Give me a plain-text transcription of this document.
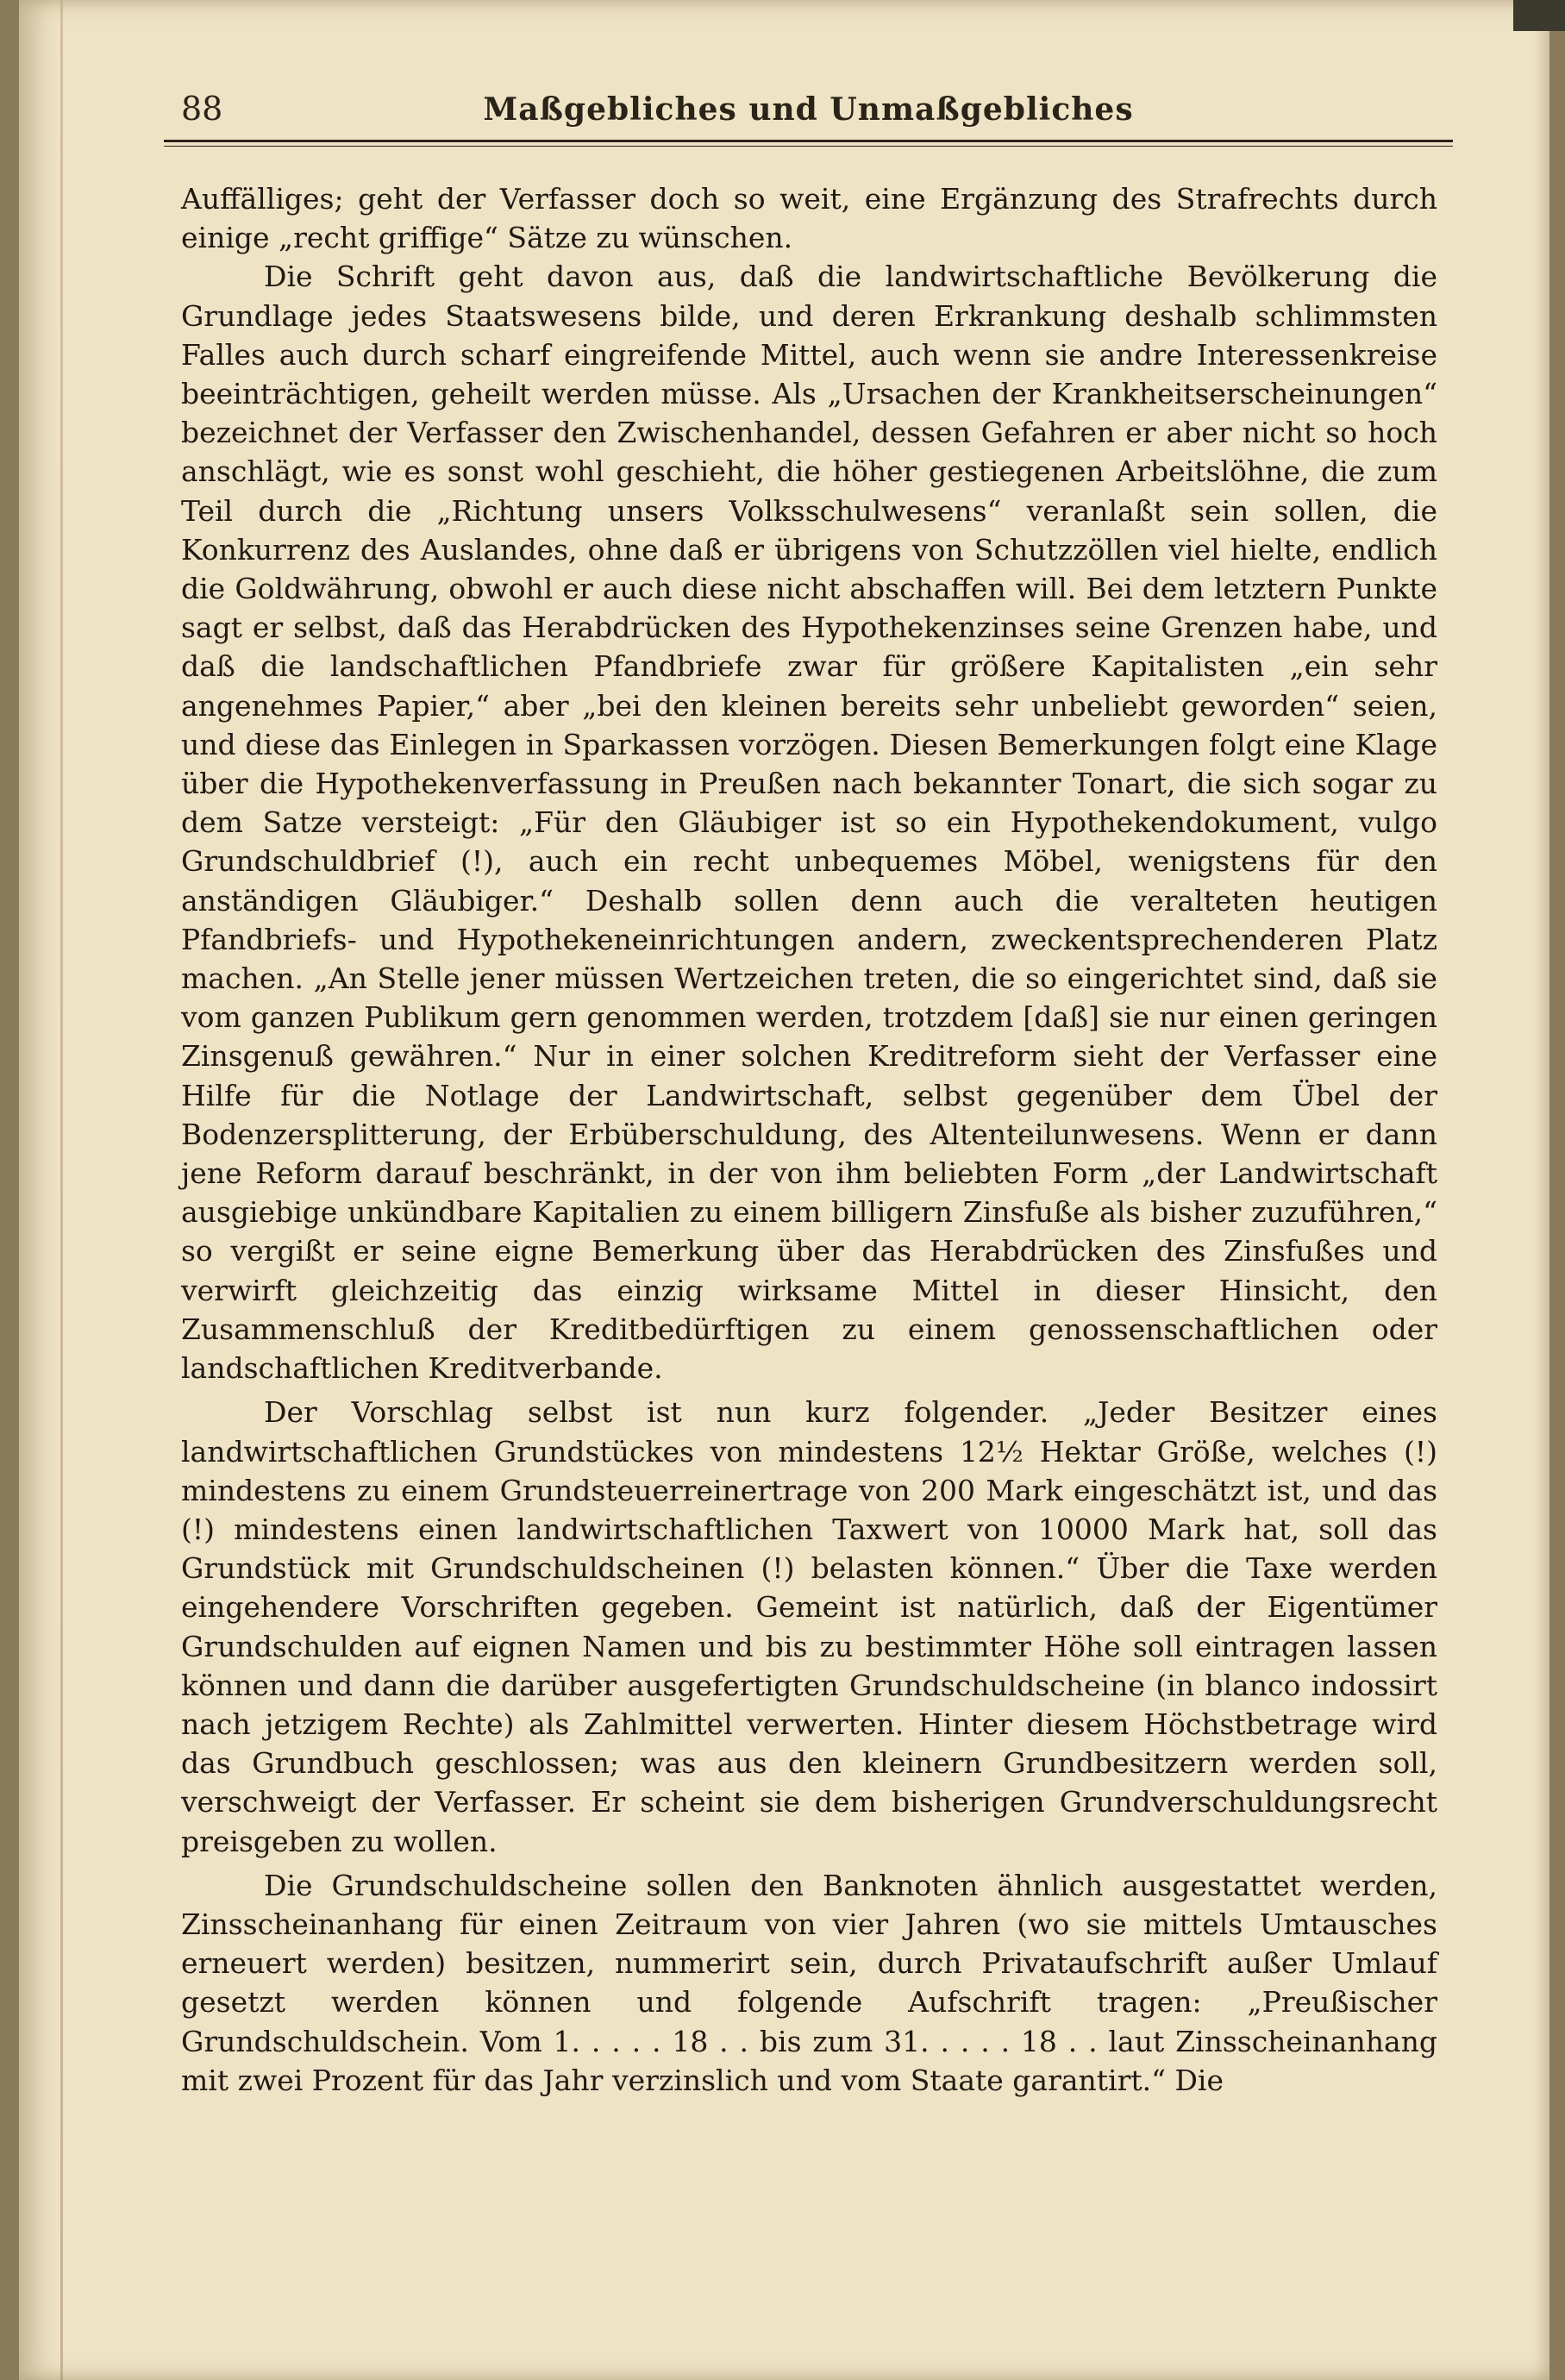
88	Maßgebliches und Unmaßgebliches

Auffälliges; geht der Verfasser doch so weit, eine Ergänzung des Strafrechts durch einige „recht griffige“ Sätze zu wünschen.

Die Schrift geht davon aus, daß die landwirtschaftliche Bevölkerung die Grundlage jedes Staatswesens bilde, und deren Erkrankung deshalb schlimmsten Falles auch durch scharf eingreifende Mittel, auch wenn sie andre Interessenkreise beeinträchtigen, geheilt werden müsse. Als „Ursachen der Krankheitserscheinungen“ bezeichnet der Verfasser den Zwischenhandel, dessen Gefahren er aber nicht so hoch anschlägt, wie es sonst wohl geschieht, die höher gestiegenen Arbeitslöhne, die zum Teil durch die „Richtung unsers Volksschulwesens“ veranlaßt sein sollen, die Konkurrenz des Auslandes, ohne daß er übrigens von Schutzzöllen viel hielte, endlich die Goldwährung, obwohl er auch diese nicht abschaffen will. Bei dem letztern Punkte sagt er selbst, daß das Herabdrücken des Hypothekenzinses seine Grenzen habe, und daß die landschaftlichen Pfandbriefe zwar für größere Kapitalisten „ein sehr angenehmes Papier,“ aber „bei den kleinen bereits sehr unbeliebt geworden“ seien, und diese das Einlegen in Sparkassen vorzögen. Diesen Bemerkungen folgt eine Klage über die Hypothekenverfassung in Preußen nach bekannter Tonart, die sich sogar zu dem Satze versteigt: „Für den Gläubiger ist so ein Hypothekendokument, vulgo Grundschuldbrief (!), auch ein recht unbequemes Möbel, wenigstens für den anständigen Gläubiger.“ Deshalb sollen denn auch die veralteten heutigen Pfandbriefs- und Hypothekeneinrichtungen andern, zweckentsprechenderen Platz machen. „An Stelle jener müssen Wertzeichen treten, die so eingerichtet sind, daß sie vom ganzen Publikum gern genommen werden, trotzdem [daß] sie nur einen geringen Zinsgenuß gewähren.“ Nur in einer solchen Kreditreform sieht der Verfasser eine Hilfe für die Notlage der Landwirtschaft, selbst gegenüber dem Übel der Bodenzersplitterung, der Erbüberschuldung, des Altenteilunwesens. Wenn er dann jene Reform darauf beschränkt, in der von ihm beliebten Form „der Landwirtschaft ausgiebige unkündbare Kapitalien zu einem billigern Zinsfuße als bisher zuzuführen,“ so vergißt er seine eigne Bemerkung über das Herabdrücken des Zinsfußes und verwirft gleichzeitig das einzig wirksame Mittel in dieser Hinsicht, den Zusammenschluß der Kreditbedürftigen zu einem genossenschaftlichen oder landschaftlichen Kreditverbande.

Der Vorschlag selbst ist nun kurz folgender. „Jeder Besitzer eines landwirtschaftlichen Grundstückes von mindestens 12½ Hektar Größe, welches (!) mindestens zu einem Grundsteuerreinertrage von 200 Mark eingeschätzt ist, und das (!) mindestens einen landwirtschaftlichen Taxwert von 10000 Mark hat, soll das Grundstück mit Grundschuldscheinen (!) belasten können.“ Über die Taxe werden eingehendere Vorschriften gegeben. Gemeint ist natürlich, daß der Eigentümer Grundschulden auf eignen Namen und bis zu bestimmter Höhe soll eintragen lassen können und dann die darüber ausgefertigten Grundschuldscheine (in blanco indossirt nach jetzigem Rechte) als Zahlmittel verwerten. Hinter diesem Höchstbetrage wird das Grundbuch geschlossen; was aus den kleinern Grundbesitzern werden soll, verschweigt der Verfasser. Er scheint sie dem bisherigen Grundverschuldungsrecht preisgeben zu wollen.

Die Grundschuldscheine sollen den Banknoten ähnlich ausgestattet werden, Zinsscheinanhang für einen Zeitraum von vier Jahren (wo sie mittels Umtausches erneuert werden) besitzen, nummerirt sein, durch Privataufschrift außer Umlauf gesetzt werden können und folgende Aufschrift tragen: „Preußischer Grundschuldschein. Vom 1. . . . . 18 . . bis zum 31. . . . . 18 . . laut Zinsscheinanhang mit zwei Prozent für das Jahr verzinslich und vom Staate garantirt.“ Die
